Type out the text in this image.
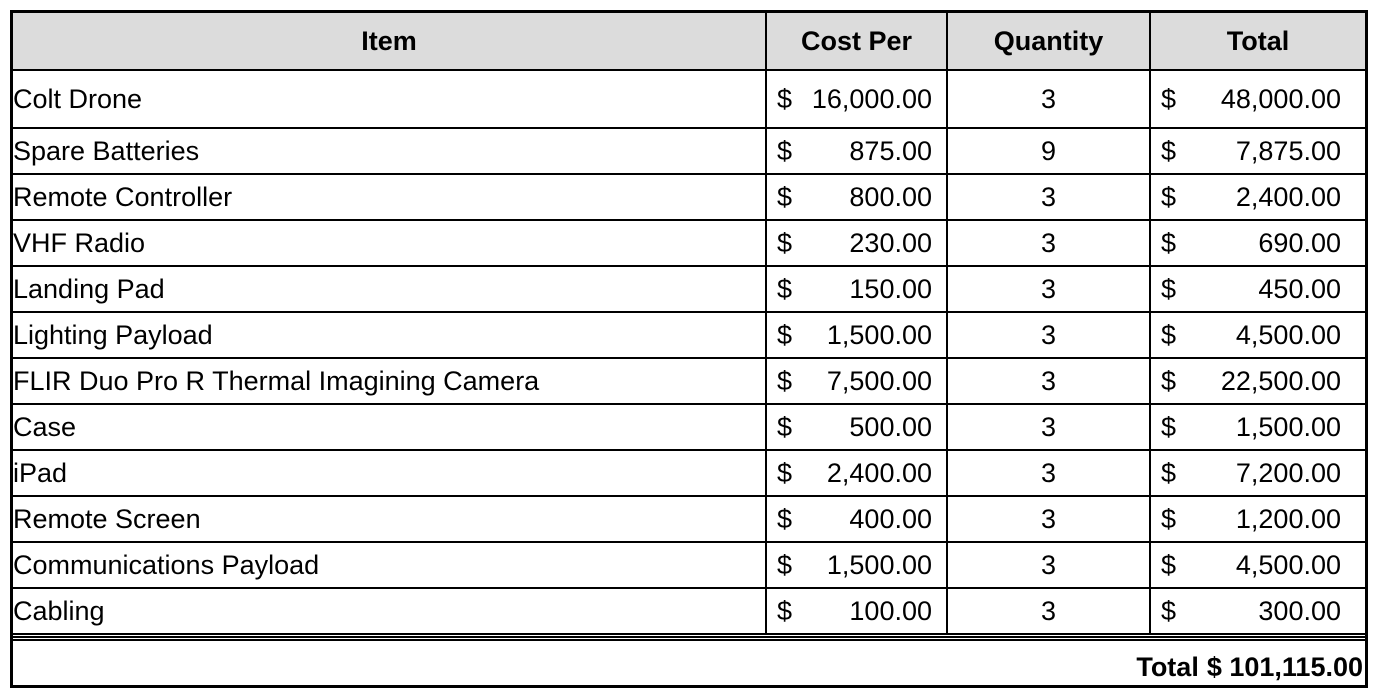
Item	Cost Per	Quantity	Total
Colt Drone	$ 16,000.00	3	$ 48,000.00

Spare Batteries	$ 875.00	9	$ 7,875.00

Remote Controller	$ 800.00	3	$ 2,400.00

VHF Radio	$ 230.00	3	$ 690.00

Landing Pad	$ 150.00	3	$ 450.00

Lighting Payload	$ 1,500.00	3	$ 4,500.00

FLIR Duo Pro R Thermal Imagining Camera	$ 7,500.00	3	$ 22,500.00

Case	$ 500.00	3	$ 1,500.00

iPad	$ 2,400.00	3	$ 7,200.00

Remote Screen	$ 400.00	3	$ 1,200.00

Communications Payload	$ 1,500.00	3	$ 4,500.00

Cabling	$ 100.00	3	$ 300.00
Total $ 101,115.00
